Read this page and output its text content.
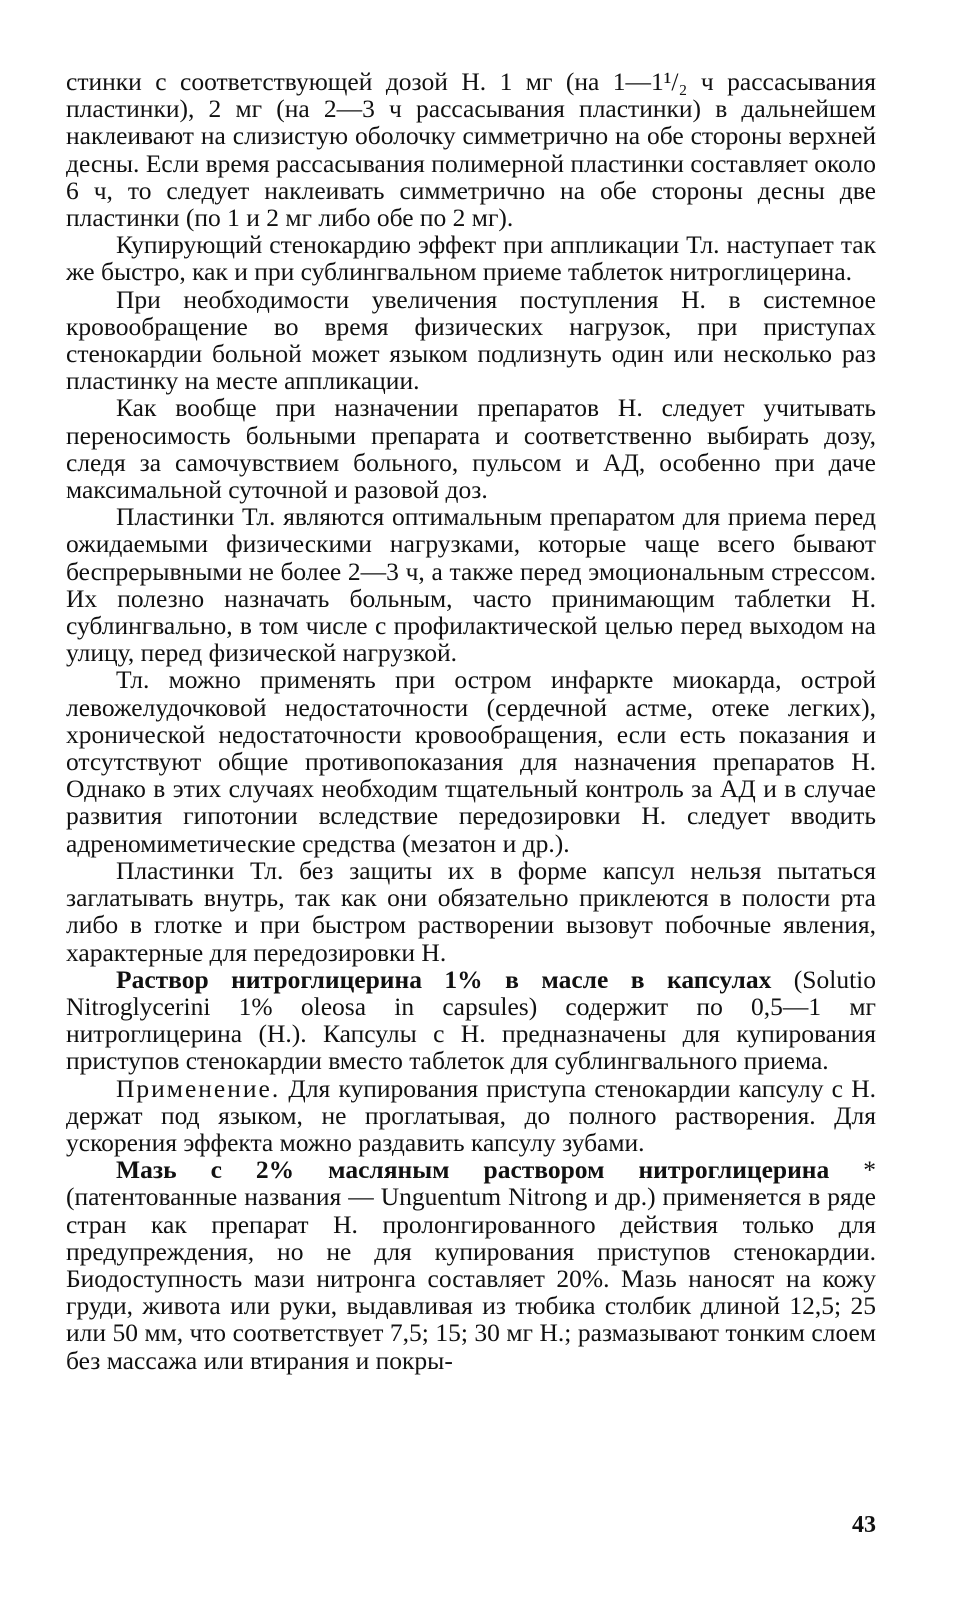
стинки с соответствующей дозой Н. 1 мг (на 1—1¹/₂ ч рассасывания пластинки), 2 мг (на 2—3 ч рассасывания пластинки) в дальнейшем наклеивают на слизистую оболочку симметрично на обе стороны верхней десны. Если время рассасывания полимерной пластинки составляет около 6 ч, то следует наклеивать симметрично на обе стороны десны две пластинки (по 1 и 2 мг либо обе по 2 мг).

Купирующий стенокардию эффект при аппликации Тл. наступает так же быстро, как и при сублингвальном приеме таблеток нитроглицерина.

При необходимости увеличения поступления Н. в системное кровообращение во время физических нагрузок, при приступах стенокардии больной может языком подлизнуть один или несколько раз пластинку на месте аппликации.

Как вообще при назначении препаратов Н. следует учитывать переносимость больными препарата и соответственно выбирать дозу, следя за самочувствием больного, пульсом и АД, особенно при даче максимальной суточной и разовой доз.

Пластинки Тл. являются оптимальным препаратом для приема перед ожидаемыми физическими нагрузками, которые чаще всего бывают беспрерывными не более 2—3 ч, а также перед эмоциональным стрессом. Их полезно назначать больным, часто принимающим таблетки Н. сублингвально, в том числе с профилактической целью перед выходом на улицу, перед физической нагрузкой.

Тл. можно применять при остром инфаркте миокарда, острой левожелудочковой недостаточности (сердечной астме, отеке легких), хронической недостаточности кровообращения, если есть показания и отсутствуют общие противопоказания для назначения препаратов Н. Однако в этих случаях необходим тщательный контроль за АД и в случае развития гипотонии вследствие передозировки Н. следует вводить адреномиметические средства (мезатон и др.).

Пластинки Тл. без защиты их в форме капсул нельзя пытаться заглатывать внутрь, так как они обязательно приклеются в полости рта либо в глотке и при быстром растворении вызовут побочные явления, характерные для передозировки Н.

Раствор нитроглицерина 1% в масле в капсулах (Solutio Nitroglycerini 1% oleosa in capsules) содержит по 0,5—1 мг нитроглицерина (Н.). Капсулы с Н. предназначены для купирования приступов стенокардии вместо таблеток для сублингвального приема.

Применение. Для купирования приступа стенокардии капсулу с Н. держат под языком, не проглатывая, до полного растворения. Для ускорения эффекта можно раздавить капсулу зубами.

Мазь с 2% масляным раствором нитроглицерина * (патентованные названия — Unguentum Nitrong и др.) применяется в ряде стран как препарат Н. пролонгированного действия только для предупреждения, но не для купирования приступов стенокардии. Биодоступность мази нитронга составляет 20%. Мазь наносят на кожу груди, живота или руки, выдавливая из тюбика столбик длиной 12,5; 25 или 50 мм, что соответствует 7,5; 15; 30 мг Н.; размазывают тонким слоем без массажа или втирания и покры-

43
